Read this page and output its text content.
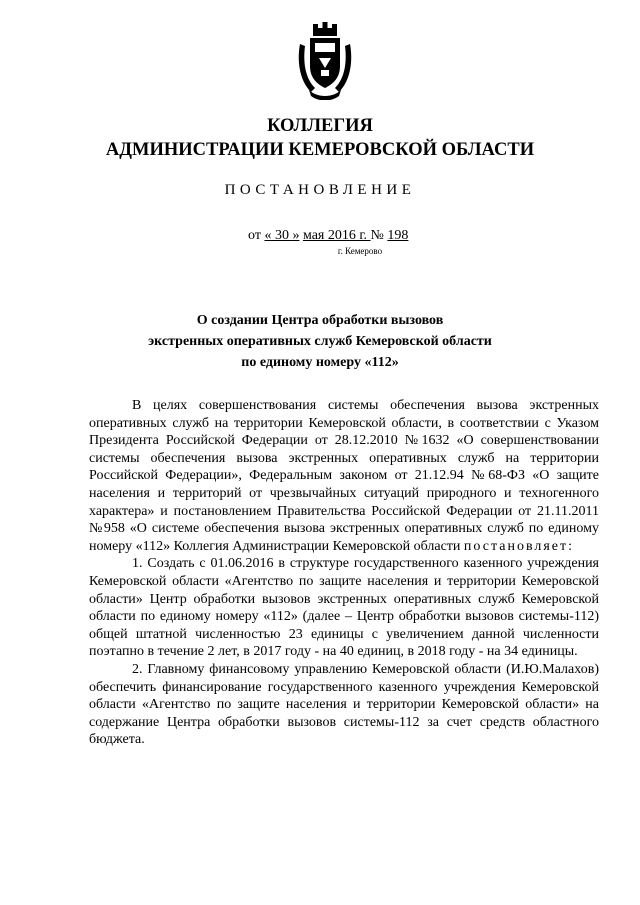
КОЛЛЕГИЯ
АДМИНИСТРАЦИИ КЕМЕРОВСКОЙ ОБЛАСТИ
ПОСТАНОВЛЕНИЕ
от « 30 » мая 2016 г. № 198
г. Кемерово
О создании Центра обработки вызовов
экстренных оперативных служб Кемеровской области
по единому номеру «112»

В целях совершенствования системы обеспечения вызова экстренных оперативных служб на территории Кемеровской области, в соответствии с Указом Президента Российской Федерации от 28.12.2010 №1632 «О совершенствовании системы обеспечения вызова экстренных оперативных служб на территории Российской Федерации», Федеральным законом от 21.12.94 №68-ФЗ «О защите населения и территорий от чрезвычайных ситуаций природного и техногенного характера» и постановлением Правительства Российской Федерации от 21.11.2011 №958 «О системе обеспечения вызова экстренных оперативных служб по единому номеру «112» Коллегия Администрации Кемеровской области постановляет:

1. Создать с 01.06.2016 в структуре государственного казенного учреждения Кемеровской области «Агентство по защите населения и территории Кемеровской области» Центр обработки вызовов экстренных оперативных служб Кемеровской области по единому номеру «112» (далее – Центр обработки вызовов системы-112) общей штатной численностью 23 единицы с увеличением данной численности поэтапно в течение 2 лет, в 2017 году - на 40 единиц, в 2018 году - на 34 единицы.

2. Главному финансовому управлению Кемеровской области (И.Ю.Малахов) обеспечить финансирование государственного казенного учреждения Кемеровской области «Агентство по защите населения и территории Кемеровской области» на содержание Центра обработки вызовов системы-112 за счет средств областного бюджета.
